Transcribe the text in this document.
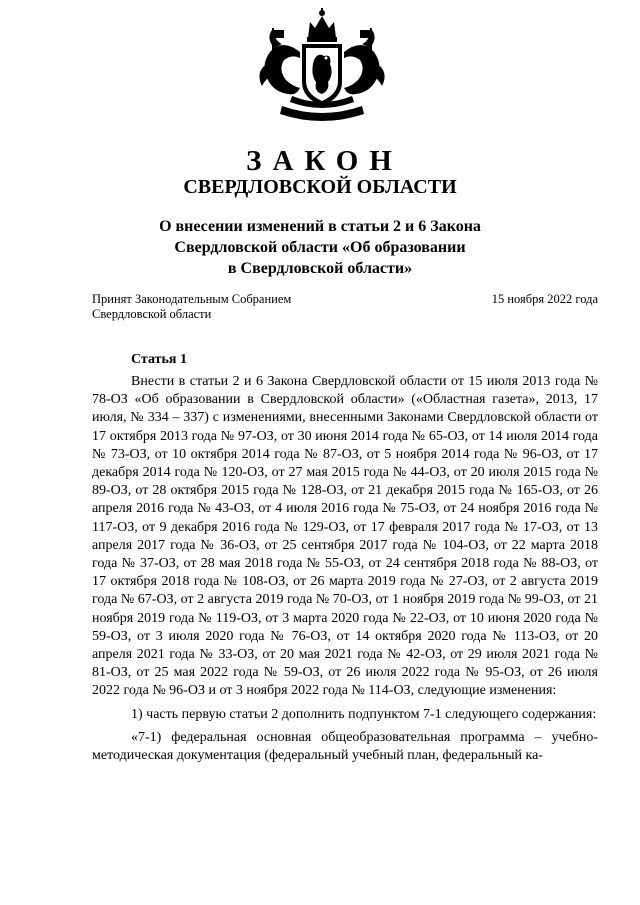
ЗАКОН
СВЕРДЛОВСКОЙ ОБЛАСТИ
О внесении изменений в статьи 2 и 6 Закона
Свердловской области «Об образовании
в Свердловской области»
Принят Законодательным Собранием
Свердловской области
15 ноября 2022 года
Статья 1

Внести в статьи 2 и 6 Закона Свердловской области от 15 июля 2013 года № 78-ОЗ «Об образовании в Свердловской области» («Областная газета», 2013, 17 июля, № 334 – 337) с изменениями, внесенными Законами Свердловской области от 17 октября 2013 года № 97-ОЗ, от 30 июня 2014 года № 65-ОЗ, от 14 июля 2014 года № 73-ОЗ, от 10 октября 2014 года № 87-ОЗ, от 5 ноября 2014 года № 96-ОЗ, от 17 декабря 2014 года № 120-ОЗ, от 27 мая 2015 года № 44-ОЗ, от 20 июля 2015 года № 89-ОЗ, от 28 октября 2015 года № 128-ОЗ, от 21 декабря 2015 года № 165-ОЗ, от 26 апреля 2016 года № 43-ОЗ, от 4 июля 2016 года № 75-ОЗ, от 24 ноября 2016 года № 117-ОЗ, от 9 декабря 2016 года № 129-ОЗ, от 17 февраля 2017 года № 17-ОЗ, от 13 апреля 2017 года № 36-ОЗ, от 25 сентября 2017 года № 104-ОЗ, от 22 марта 2018 года № 37-ОЗ, от 28 мая 2018 года № 55-ОЗ, от 24 сентября 2018 года № 88-ОЗ, от 17 октября 2018 года № 108-ОЗ, от 26 марта 2019 года № 27-ОЗ, от 2 августа 2019 года № 67-ОЗ, от 2 августа 2019 года № 70-ОЗ, от 1 ноября 2019 года № 99-ОЗ, от 21 ноября 2019 года № 119-ОЗ, от 3 марта 2020 года № 22-ОЗ, от 10 июня 2020 года № 59-ОЗ, от 3 июля 2020 года № 76-ОЗ, от 14 октября 2020 года № 113-ОЗ, от 20 апреля 2021 года № 33-ОЗ, от 20 мая 2021 года № 42-ОЗ, от 29 июля 2021 года № 81-ОЗ, от 25 мая 2022 года № 59-ОЗ, от 26 июля 2022 года № 95-ОЗ, от 26 июля 2022 года № 96-ОЗ и от 3 ноября 2022 года № 114-ОЗ, следующие изменения:

1) часть первую статьи 2 дополнить подпунктом 7-1 следующего содержания:

«7-1) федеральная основная общеобразовательная программа – учебно-методическая документация (федеральный учебный план, федеральный ка-
